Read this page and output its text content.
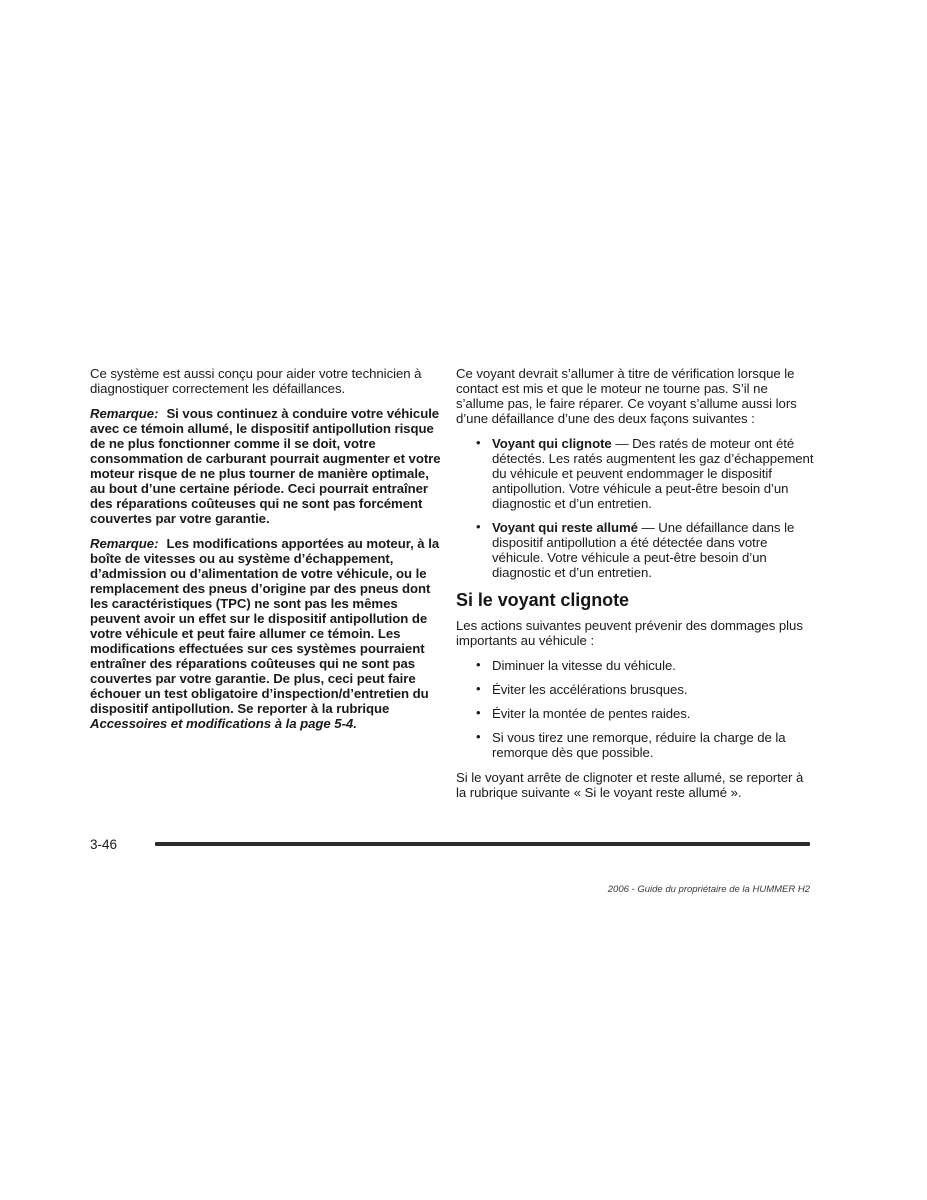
Ce système est aussi conçu pour aider votre technicien à diagnostiquer correctement les défaillances.

Remarque: Si vous continuez à conduire votre véhicule avec ce témoin allumé, le dispositif antipollution risque de ne plus fonctionner comme il se doit, votre consommation de carburant pourrait augmenter et votre moteur risque de ne plus tourner de manière optimale, au bout d’une certaine période. Ceci pourrait entraîner des réparations coûteuses qui ne sont pas forcément couvertes par votre garantie.

Remarque: Les modifications apportées au moteur, à la boîte de vitesses ou au système d’échappement, d’admission ou d’alimentation de votre véhicule, ou le remplacement des pneus d’origine par des pneus dont les caractéristiques (TPC) ne sont pas les mêmes peuvent avoir un effet sur le dispositif antipollution de votre véhicule et peut faire allumer ce témoin. Les modifications effectuées sur ces systèmes pourraient entraîner des réparations coûteuses qui ne sont pas couvertes par votre garantie. De plus, ceci peut faire échouer un test obligatoire d’inspection/d’entretien du dispositif antipollution. Se reporter à la rubrique Accessoires et modifications à la page 5-4.

Ce voyant devrait s’allumer à titre de vérification lorsque le contact est mis et que le moteur ne tourne pas. S’il ne s’allume pas, le faire réparer. Ce voyant s’allume aussi lors d’une défaillance d’une des deux façons suivantes :

• Voyant qui clignote — Des ratés de moteur ont été détectés. Les ratés augmentent les gaz d’échappement du véhicule et peuvent endommager le dispositif antipollution. Votre véhicule a peut-être besoin d’un diagnostic et d’un entretien.
• Voyant qui reste allumé — Une défaillance dans le dispositif antipollution a été détectée dans votre véhicule. Votre véhicule a peut-être besoin d’un diagnostic et d’un entretien.
Si le voyant clignote

Les actions suivantes peuvent prévenir des dommages plus importants au véhicule :

• Diminuer la vitesse du véhicule.
• Éviter les accélérations brusques.
• Éviter la montée de pentes raides.
• Si vous tirez une remorque, réduire la charge de la remorque dès que possible.

Si le voyant arrête de clignoter et reste allumé, se reporter à la rubrique suivante « Si le voyant reste allumé ».

3-46
2006 - Guide du propriétaire de la HUMMER H2
